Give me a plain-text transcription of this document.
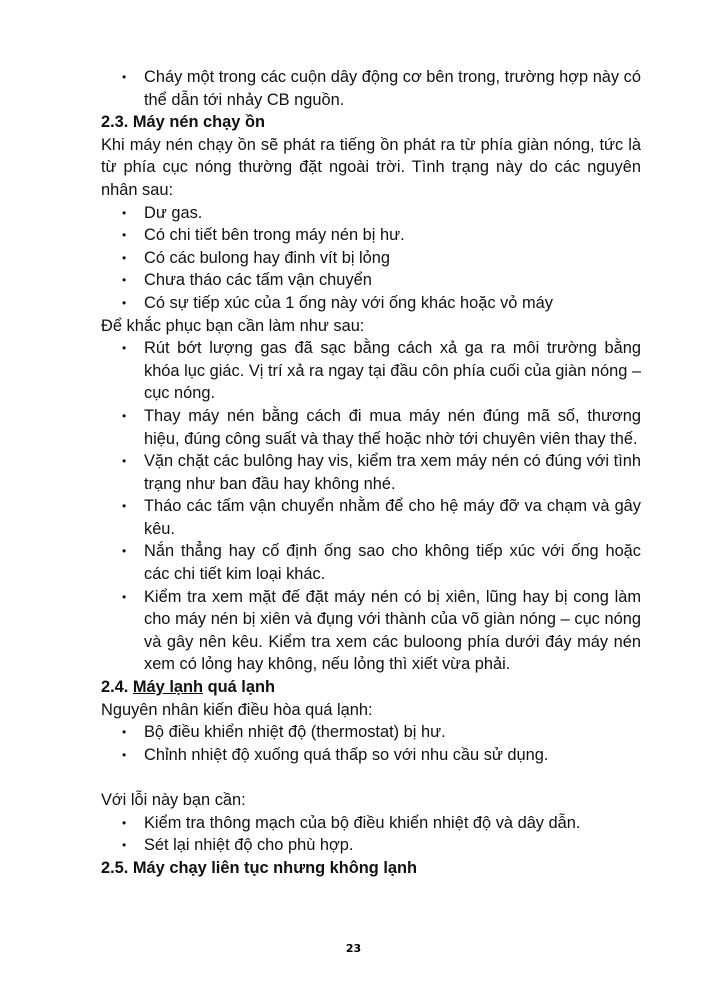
• Cháy một trong các cuộn dây động cơ bên trong, trường hợp này có thể dẫn tới nhảy CB nguồn.

2.3. Máy nén chạy ồn

Khi máy nén chạy ồn sẽ phát ra tiếng ồn phát ra từ phía giàn nóng, tức là từ phía cục nóng thường đặt ngoài trời. Tình trạng này do các nguyên nhân sau:

• Dư gas.
• Có chi tiết bên trong máy nén bị hư.
• Có các bulong hay đinh vít bị lỏng
• Chưa tháo các tấm vận chuyển
• Có sự tiếp xúc của 1 ống này với ống khác hoặc vỏ máy

Để khắc phục bạn cần làm như sau:

• Rút bớt lượng gas đã sạc bằng cách xả ga ra môi trường bằng khóa lục giác. Vị trí xả ra ngay tại đầu côn phía cuối của giàn nóng – cục nóng.
• Thay máy nén bằng cách đi mua máy nén đúng mã số, thương hiệu, đúng công suất và thay thế hoặc nhờ tới chuyên viên thay thế.
• Vặn chặt các bulông hay vis, kiểm tra xem máy nén có đúng với tình trạng như ban đầu hay không nhé.
• Tháo các tấm vận chuyển nhằm để cho hệ máy đỡ va chạm và gây kêu.
• Nắn thẳng hay cố định ống sao cho không tiếp xúc với ống hoặc các chi tiết kim loại khác.
• Kiểm tra xem mặt đế đặt máy nén có bị xiên, lũng hay bị cong làm cho máy nén bị xiên và đụng với thành của võ giàn nóng – cục nóng và gây nên kêu. Kiểm tra xem các buloong phía dưới đáy máy nén xem có lỏng hay không, nếu lỏng thì xiết vừa phải.

2.4. Máy lạnh quá lạnh

Nguyên nhân kiến điều hòa quá lạnh:

• Bộ điều khiển nhiệt độ (thermostat) bị hư.
• Chỉnh nhiệt độ xuống quá thấp so với nhu cầu sử dụng.

Với lỗi này bạn cần:

• Kiểm tra thông mạch của bộ điều khiển nhiệt độ và dây dẫn.
• Sét lại nhiệt độ cho phù hợp.

2.5. Máy chạy liên tục nhưng không lạnh

23
